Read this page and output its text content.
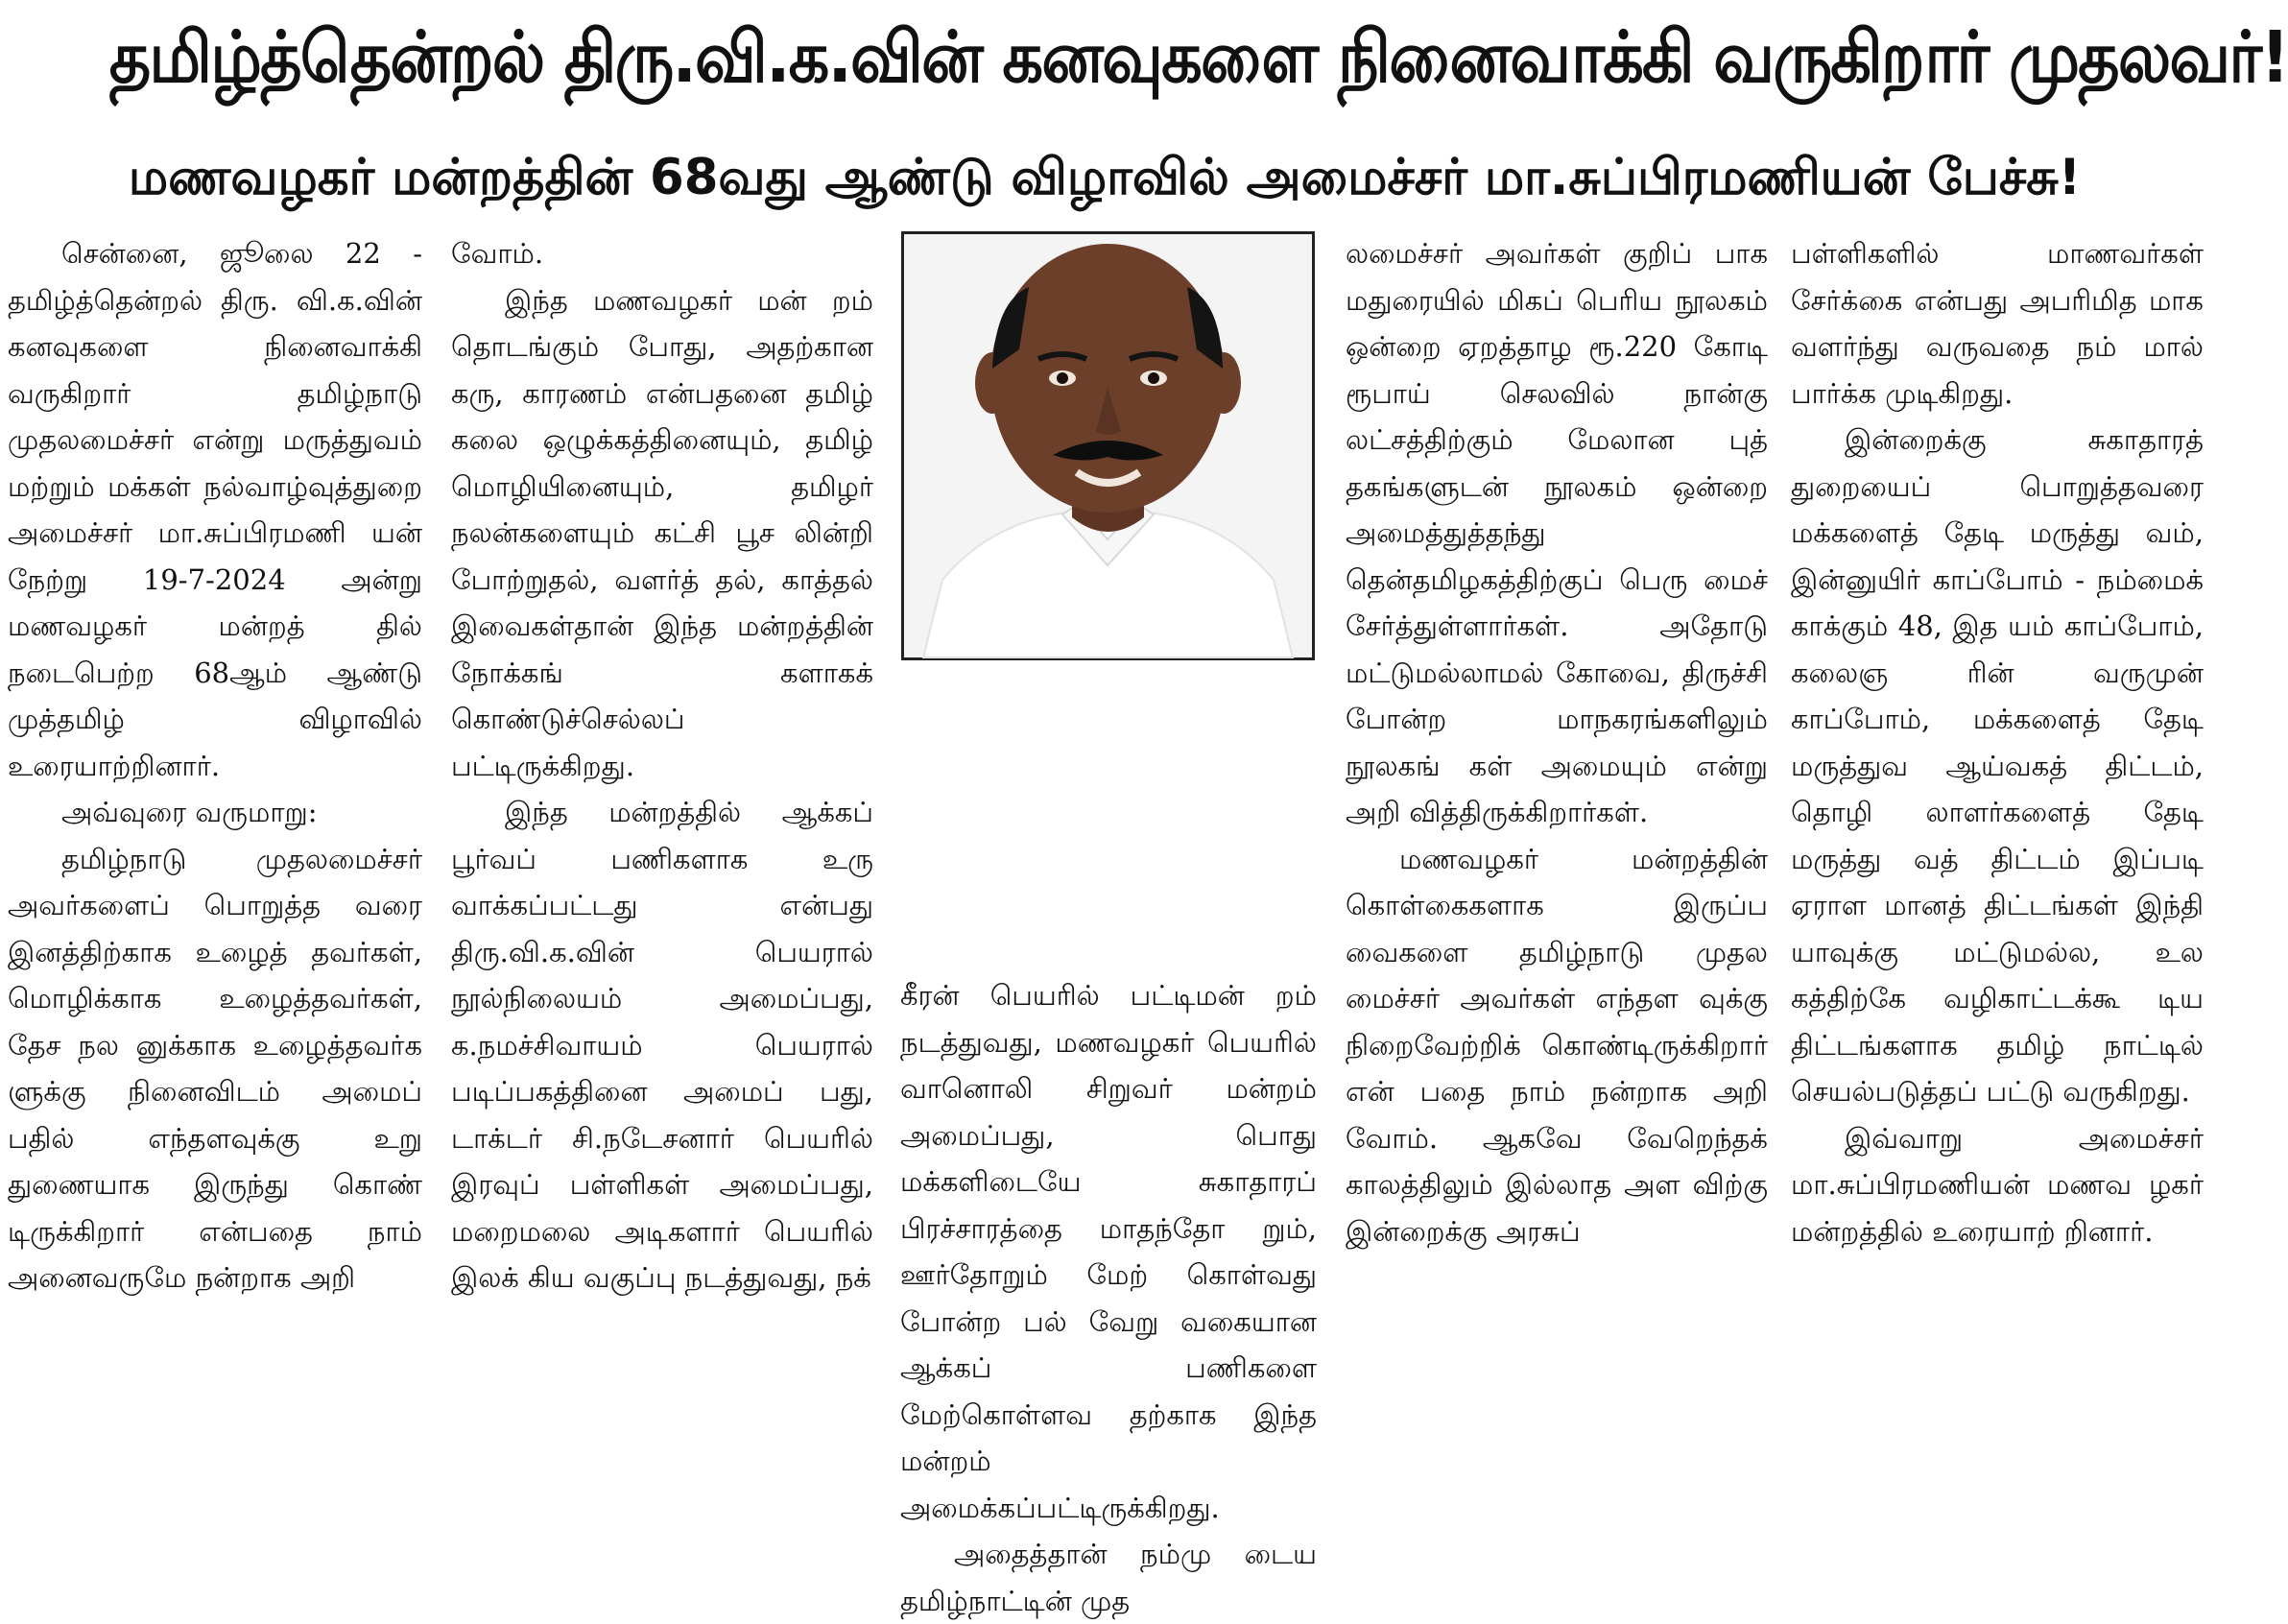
தமிழ்த்தென்றல் திரு.வி.க.வின் கனவுகளை நினைவாக்கி வருகிறார் முதலவர்!
மணவழகர் மன்றத்தின் 68வது ஆண்டு விழாவில் அமைச்சர் மா.சுப்பிரமணியன் பேச்சு!

சென்னை, ஜூலை 22 - தமிழ்த்தென்றல் திரு. வி.க.வின் கனவுகளை நினைவாக்கி வருகிறார் தமிழ்நாடு முதலமைச்சர் என்று மருத்துவம் மற்றும் மக்கள் நல்வாழ்வுத்துறை அமைச்சர் மா.சுப்பிரமணி யன் நேற்று 19-7-2024 அன்று மணவழகர் மன்றத் தில் நடைபெற்ற 68ஆம் ஆண்டு முத்தமிழ் விழாவில் உரையாற்றினார்.

அவ்வுரை வருமாறு:

தமிழ்நாடு முதலமைச்சர் அவர்களைப் பொறுத்த வரை இனத்திற்காக உழைத் தவர்கள், மொழிக்காக உழைத்தவர்கள், தேச நல னுக்காக உழைத்தவர்க ளுக்கு நினைவிடம் அமைப் பதில் எந்தளவுக்கு உறு துணையாக இருந்து கொண் டிருக்கிறார் என்பதை நாம் அனைவருமே நன்றாக அறி

வோம்.

இந்த மணவழகர் மன் றம் தொடங்கும் போது, அதற்கான கரு, காரணம் என்பதனை தமிழ் கலை ஒழுக்கத்தினையும், தமிழ் மொழியினையும், தமிழர் நலன்களையும் கட்சி பூச லின்றி போற்றுதல், வளர்த் தல், காத்தல் இவைகள்தான் இந்த மன்றத்தின் நோக்கங் களாகக் கொண்டுச்செல்லப் பட்டிருக்கிறது.

இந்த மன்றத்தில் ஆக்கப் பூர்வப் பணிகளாக உரு வாக்கப்பட்டது என்பது திரு.வி.க.வின் பெயரால் நூல்நிலையம் அமைப்பது, க.நமச்சிவாயம் பெயரால் படிப்பகத்தினை அமைப் பது, டாக்டர் சி.நடேசனார் பெயரில் இரவுப் பள்ளிகள் அமைப்பது, மறைமலை அடிகளார் பெயரில் இலக் கிய வகுப்பு நடத்துவது, நக்

கீரன் பெயரில் பட்டிமன் றம் நடத்துவது, மணவழகர் பெயரில் வானொலி சிறுவர் மன்றம் அமைப்பது, பொது மக்களிடையே சுகாதாரப் பிரச்சாரத்தை மாதந்தோ றும், ஊர்தோறும் மேற் கொள்வது போன்ற பல் வேறு வகையான ஆக்கப் பணிகளை மேற்கொள்ளவ தற்காக இந்த மன்றம் அமைக்கப்பட்டிருக்கிறது.

அதைத்தான் நம்மு டைய தமிழ்நாட்டின் முத

லமைச்சர் அவர்கள் குறிப் பாக மதுரையில் மிகப் பெரிய நூலகம் ஒன்றை ஏறத்தாழ ரூ.220 கோடி ரூபாய் செலவில் நான்கு லட்சத்திற்கும் மேலான புத் தகங்களுடன் நூலகம் ஒன்றை அமைத்துத்தந்து தென்தமிழகத்திற்குப் பெரு மைச் சேர்த்துள்ளார்கள். அதோடு மட்டுமல்லாமல் கோவை, திருச்சி போன்ற மாநகரங்களிலும் நூலகங் கள் அமையும் என்று அறி வித்திருக்கிறார்கள்.

மணவழகர் மன்றத்தின் கொள்கைகளாக இருப்ப வைகளை தமிழ்நாடு முதல மைச்சர் அவர்கள் எந்தள வுக்கு நிறைவேற்றிக் கொண்டிருக்கிறார் என் பதை நாம் நன்றாக அறி வோம். ஆகவே வேறெந்தக் காலத்திலும் இல்லாத அள விற்கு இன்றைக்கு அரசுப்

பள்ளிகளில் மாணவர்கள் சேர்க்கை என்பது அபரிமித மாக வளர்ந்து வருவதை நம் மால் பார்க்க முடிகிறது.

இன்றைக்கு சுகாதாரத் துறையைப் பொறுத்தவரை மக்களைத் தேடி மருத்து வம், இன்னுயிர் காப்போம் - நம்மைக் காக்கும் 48, இத யம் காப்போம், கலைஞ ரின் வருமுன் காப்போம், மக்களைத் தேடி மருத்துவ ஆய்வகத் திட்டம், தொழி லாளர்களைத் தேடி மருத்து வத் திட்டம் இப்படி ஏராள மானத் திட்டங்கள் இந்தி யாவுக்கு மட்டுமல்ல, உல கத்திற்கே வழிகாட்டக்கூ டிய திட்டங்களாக தமிழ் நாட்டில் செயல்படுத்தப் பட்டு வருகிறது.

இவ்வாறு அமைச்சர் மா.சுப்பிரமணியன் மணவ ழகர் மன்றத்தில் உரையாற் றினார்.
